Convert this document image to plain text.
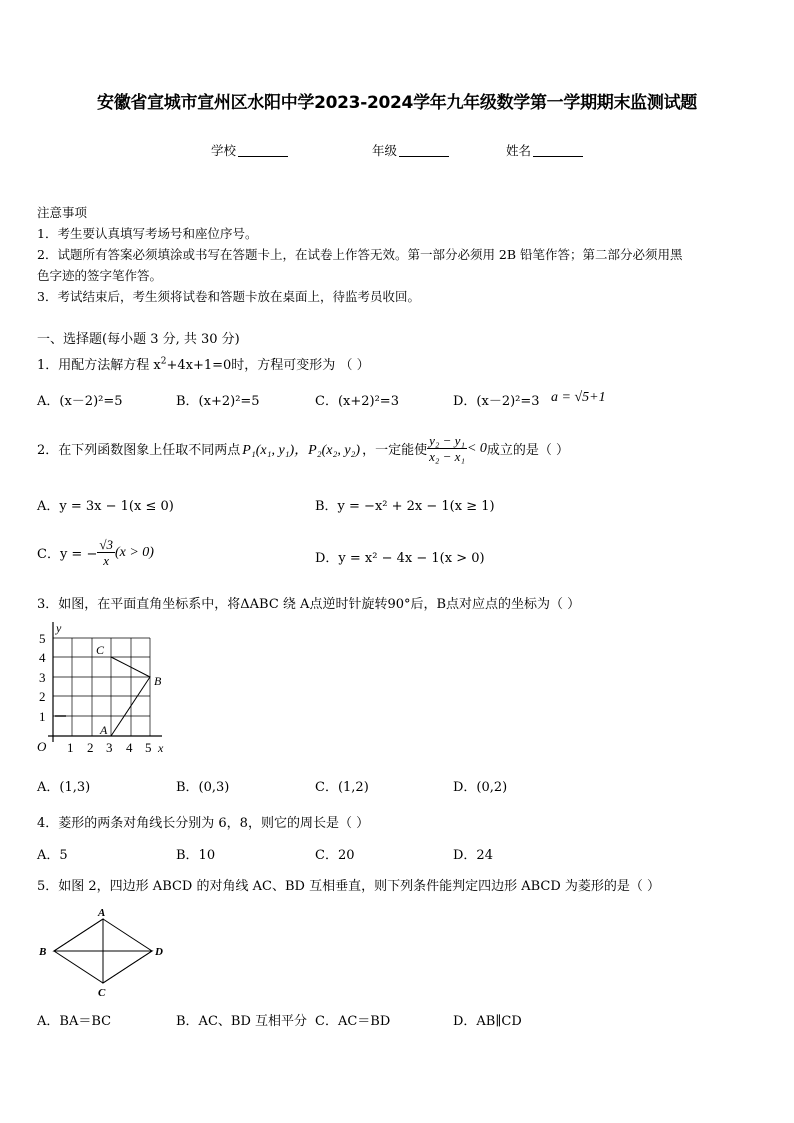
安徽省宣城市宣州区水阳中学2023-2024学年九年级数学第一学期期末监测试题
学校	年级	姓名
注意事项
1．考生要认真填写考场号和座位序号。
2．试题所有答案必须填涂或书写在答题卡上，在试卷上作答无效。第一部分必须用 2B 铅笔作答；第二部分必须用黑
色字迹的签字笔作答。
3．考试结束后，考生须将试卷和答题卡放在桌面上，待监考员收回。
一、选择题(每小题 3 分, 共 30 分)
1．用配方法解方程 $x^2+4x+1=0$时，方程可变形为 （ ）
A．(x－2)²=5	B．(x+2)²=5	C．(x+2)²=3	D．(x－2)²=3 a = √5+1
2．在下列函数图象上任取不同两点 P₁(x₁, y₁)，P₂(x₂, y₂) ，一定能使 $\frac{\text{y₂ − y₁}}{\text{x₂ − x₁}} < 0$ 成立的是（ ）
A．y = 3x − 1(x ≤ 0)	B．y = −x² + 2x − 1(x ≥ 1)
C．y = − $\frac{√3}{x} (x > 0)$	D．y = x² − 4x − 1(x > 0)
3．如图，在平面直角坐标系中，将ΔABC 绕 A点逆时针旋转90°后，B点对应点的坐标为（ ）
y
x
O 1 2 3 4 5
1
2
3
4
5
A
B
C
A．(1,3)	B．(0,3)	C．(1,2)	D．(0,2)
4．菱形的两条对角线长分别为 6，8，则它的周长是（ ）
A．5	B．10	C．20	D．24
5．如图 2，四边形 ABCD 的对角线 AC、BD 互相垂直，则下列条件能判定四边形 ABCD 为菱形的是（ ）
A
B
C
D
A．BA＝BC	B．AC、BD 互相平分 C．AC＝BD	D．AB∥CD
